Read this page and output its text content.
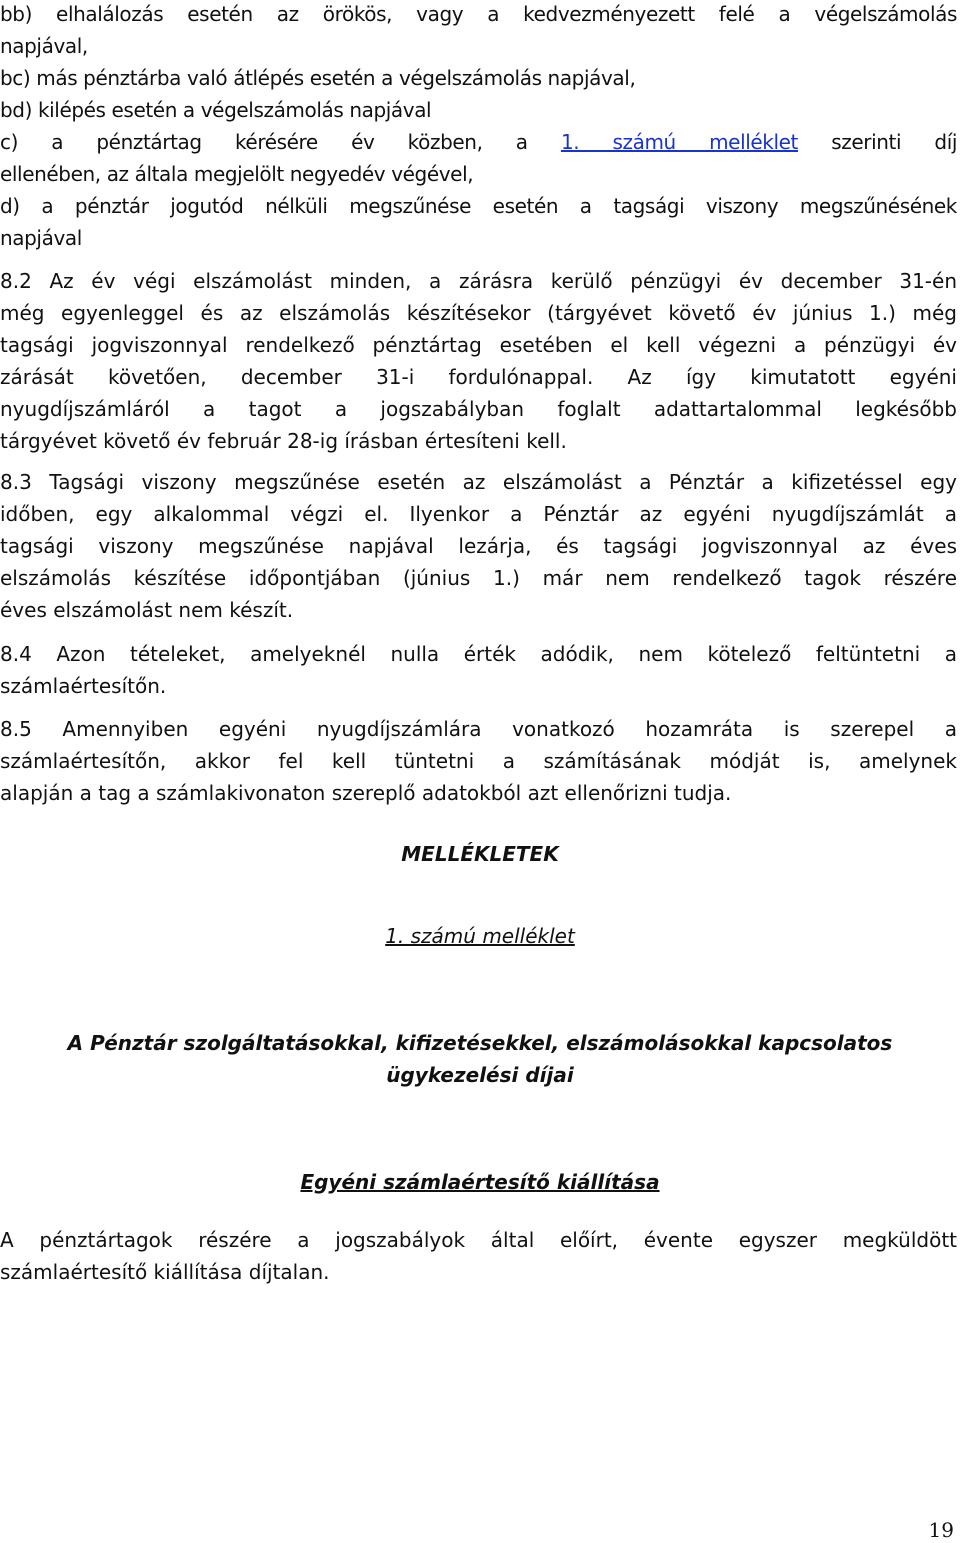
bb) elhalálozás esetén az örökös, vagy a kedvezményezett felé a végelszámolás
napjával,
bc) más pénztárba való átlépés esetén a végelszámolás napjával,
bd) kilépés esetén a végelszámolás napjával
c) a pénztártag kérésére év közben, a 1. számú melléklet szerinti díj
ellenében, az általa megjelölt negyedév végével,
d) a pénztár jogutód nélküli megszűnése esetén a tagsági viszony megszűnésének
napjával
8.2 Az év végi elszámolást minden, a zárásra kerülő pénzügyi év december 31-én
még egyenleggel és az elszámolás készítésekor (tárgyévet követő év június 1.) még
tagsági jogviszonnyal rendelkező pénztártag esetében el kell végezni a pénzügyi év
zárását követően, december 31-i fordulónappal. Az így kimutatott egyéni
nyugdíjszámláról a tagot a jogszabályban foglalt adattartalommal legkésőbb
tárgyévet követő év február 28-ig írásban értesíteni kell.
8.3 Tagsági viszony megszűnése esetén az elszámolást a Pénztár a kifizetéssel egy
időben, egy alkalommal végzi el. Ilyenkor a Pénztár az egyéni nyugdíjszámlát a
tagsági viszony megszűnése napjával lezárja, és tagsági jogviszonnyal az éves
elszámolás készítése időpontjában (június 1.) már nem rendelkező tagok részére
éves elszámolást nem készít.
8.4 Azon tételeket, amelyeknél nulla érték adódik, nem kötelező feltüntetni a
számlaértesítőn.
8.5 Amennyiben egyéni nyugdíjszámlára vonatkozó hozamráta is szerepel a
számlaértesítőn, akkor fel kell tüntetni a számításának módját is, amelynek
alapján a tag a számlakivonaton szereplő adatokból azt ellenőrizni tudja.
MELLÉKLETEK
1. számú melléklet
A Pénztár szolgáltatásokkal, kifizetésekkel, elszámolásokkal kapcsolatos
ügykezelési díjai
Egyéni számlaértesítő kiállítása
A pénztártagok részére a jogszabályok által előírt, évente egyszer megküldött
számlaértesítő kiállítása díjtalan.
19
